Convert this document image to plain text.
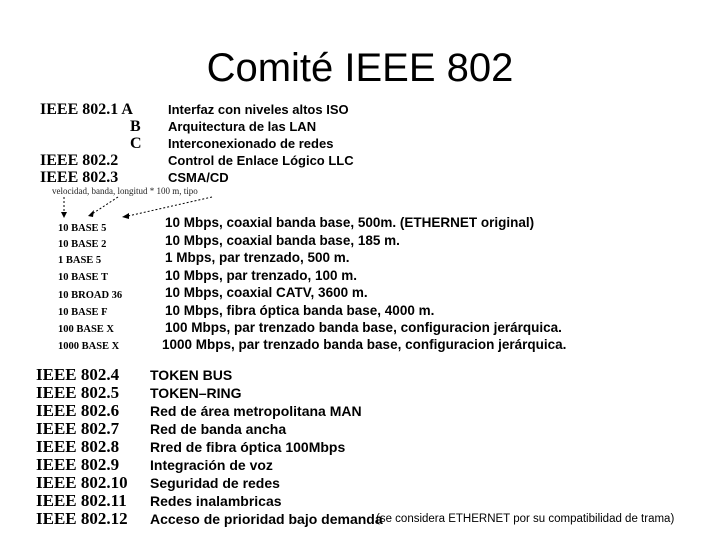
Comité IEEE 802
IEEE 802.1 A	Interfaz con niveles altos ISO
B Arquitectura de las LAN
C Interconexionado de redes
IEEE 802.2	Control de Enlace Lógico LLC
IEEE 802.3	CSMA/CD
velocidad, banda, longitud * 100 m, tipo
10 BASE 5	10 Mbps, coaxial banda base, 500m. (ETHERNET original)
10 BASE 2	10 Mbps, coaxial banda base, 185 m.
1 BASE 5	1 Mbps, par trenzado, 500 m.
10 BASE T	10 Mbps, par trenzado, 100 m.
10 BROAD 36	10 Mbps, coaxial CATV, 3600 m.
10 BASE F	10 Mbps, fibra óptica banda base, 4000 m.
100 BASE X	100 Mbps, par trenzado banda base, configuracion jerárquica.
1000 BASE X	1000 Mbps, par trenzado banda base, configuracion jerárquica.
IEEE 802.4 TOKEN BUS
IEEE 802.5 TOKEN–RING
IEEE 802.6 Red de área metropolitana MAN
IEEE 802.7 Red de banda ancha
IEEE 802.8 Rred de fibra óptica 100Mbps
IEEE 802.9 Integración de voz
IEEE 802.10 Seguridad de redes
IEEE 802.11 Redes inalambricas
IEEE 802.12 Acceso de prioridad bajo demanda
(se considera ETHERNET por su compatibilidad de trama)
